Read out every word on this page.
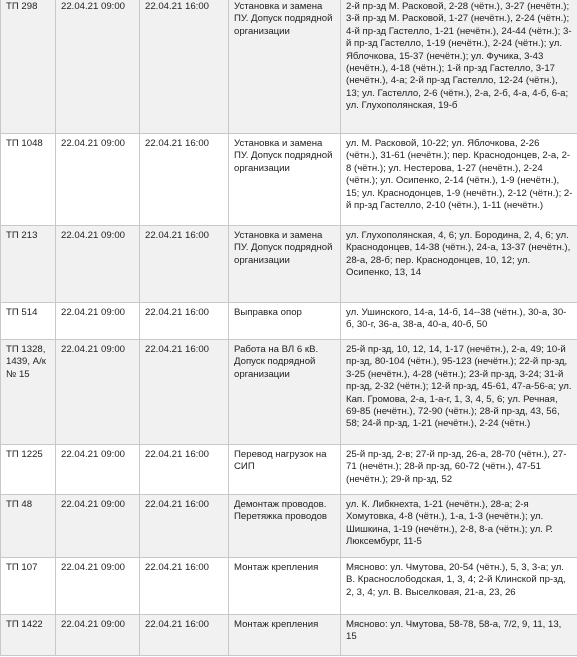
ТП 298	22.04.21 09:00	22.04.21 16:00	Установка и замена ПУ. Допуск подрядной организации	2-й пр-зд М. Расковой, 2-28 (чётн.), 3-27 (нечётн.); 3-й пр-зд М. Расковой, 1-27 (нечётн.), 2-24 (чётн.); 4-й пр-зд Гастелло, 1-21 (нечётн.), 24-44 (чётн.); 3-й пр-зд Гастелло, 1-19 (нечётн.), 2-24 (чётн.); ул. Яблочкова, 15-37 (нечётн.); ул. Фучика, 3-43 (нечётн.), 4-18 (чётн.); 1-й пр-зд Гастелло, 3-17 (нечётн.), 4-а; 2-й пр-зд Гастелло, 12-24 (чётн.), 13; ул. Гастелло, 2-6 (чётн.), 2-а, 2-б, 4-а, 4-б, 6-а; ул. Глухополянская, 19-б
ТП 1048	22.04.21 09:00	22.04.21 16:00	Установка и замена ПУ. Допуск подрядной организации	ул. М. Расковой, 10-22; ул. Яблочкова, 2-26 (чётн.), 31-61 (нечётн.); пер. Краснодонцев, 2-а, 2-8 (чётн.); ул. Нестерова, 1-27 (нечётн.), 2-24 (чётн.); ул. Осипенко, 2-14 (чётн.), 1-9 (нечётн.), 15; ул. Краснодонцев, 1-9 (нечётн.), 2-12 (чётн.); 2-й пр-зд Гастелло, 2-10 (чётн.), 1-11 (нечётн.)
ТП 213	22.04.21 09:00	22.04.21 16:00	Установка и замена ПУ. Допуск подрядной организации	ул. Глухополянская, 4, 6; ул. Бородина, 2, 4, 6; ул. Краснодонцев, 14-38 (чётн.), 24-а, 13-37 (нечётн.), 28-а, 28-б; пер. Краснодонцев, 10, 12; ул. Осипенко, 13, 14
ТП 514	22.04.21 09:00	22.04.21 16:00	Выправка опор	ул. Ушинского, 14-а, 14-б, 14--38 (чётн.), 30-а, 30-б, 30-г, 36-а, 38-а, 40-а, 40-б, 50
ТП 1328, 1439, А/к № 15	22.04.21 09:00	22.04.21 16:00	Работа на ВЛ 6 кВ. Допуск подрядной организации	25-й пр-зд, 10, 12, 14, 1-17 (нечётн.), 2-а, 49; 10-й пр-зд, 80-104 (чётн.), 95-123 (нечётн.); 22-й пр-зд, 3-25 (нечётн.), 4-28 (чётн.); 23-й пр-зд, 3-24; 31-й пр-зд, 2-32 (чётн.); 12-й пр-зд, 45-61, 47-а-56-а; ул. Кап. Громова, 2-а, 1-а-г, 1, 3, 4, 5, 6; ул. Речная, 69-85 (нечётн.), 72-90 (чётн.); 28-й пр-зд, 43, 56, 58; 24-й пр-зд, 1-21 (нечётн.), 2-24 (чётн.)
ТП 1225	22.04.21 09:00	22.04.21 16:00	Перевод нагрузок на СИП	25-й пр-зд, 2-в; 27-й пр-зд, 26-а, 28-70 (чётн.), 27-71 (нечётн.); 28-й пр-зд, 60-72 (чётн.), 47-51 (нечётн.); 29-й пр-зд, 52
ТП 48	22.04.21 09:00	22.04.21 16:00	Демонтаж проводов. Перетяжка проводов	ул. К. Либкнехта, 1-21 (нечётн.), 28-а; 2-я Хомутовка, 4-8 (чётн.), 1-а, 1-3 (нечётн.); ул. Шишкина, 1-19 (нечётн.), 2-8, 8-а (чётн.); ул. Р. Люксембург, 11-5
ТП 107	22.04.21 09:00	22.04.21 16:00	Монтаж крепления	Мясново: ул. Чмутова, 20-54 (чётн.), 5, 3, 3-а; ул. В. Краснослободская, 1, 3, 4; 2-й Клинской пр-зд, 2, 3, 4; ул. В. Выселковая, 21-а, 23, 26
ТП 1422	22.04.21 09:00	22.04.21 16:00	Монтаж крепления	Мясново: ул. Чмутова, 58-78, 58-а, 7/2, 9, 11, 13, 15
